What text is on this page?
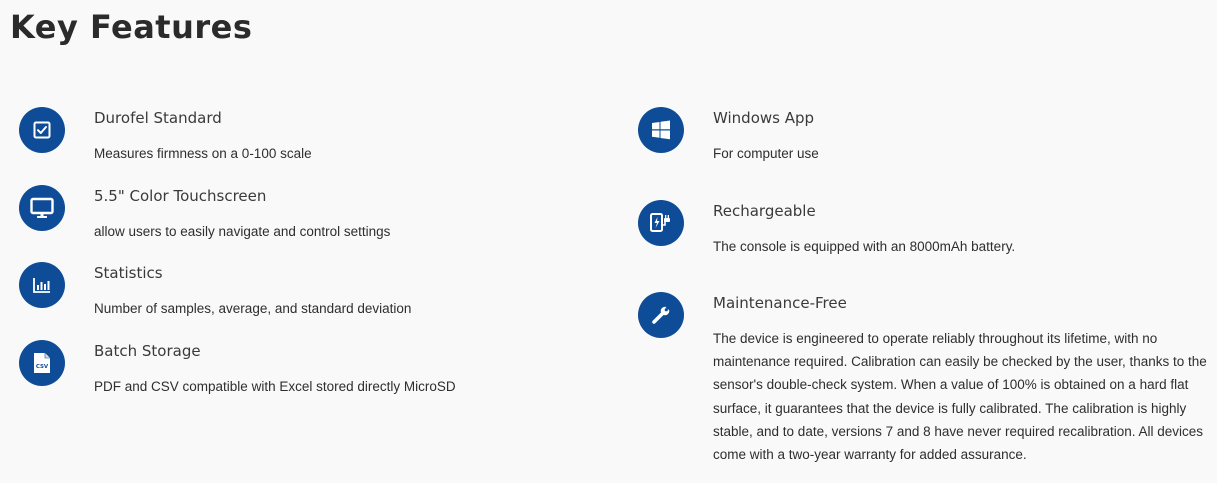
Key Features
Durofel Standard
Measures firmness on a 0-100 scale
5.5" Color Touchscreen
allow users to easily navigate and control settings
Statistics
Number of samples, average, and standard deviation
CSV
Batch Storage
PDF and CSV compatible with Excel stored directly MicroSD
Windows App
For computer use
Rechargeable
The console is equipped with an 8000mAh battery.
Maintenance-Free
The device is engineered to operate reliably throughout its lifetime, with no maintenance required. Calibration can easily be checked by the user, thanks to the sensor's double-check system. When a value of 100% is obtained on a hard flat surface, it guarantees that the device is fully calibrated. The calibration is highly stable, and to date, versions 7 and 8 have never required recalibration. All devices come with a two-year warranty for added assurance.
